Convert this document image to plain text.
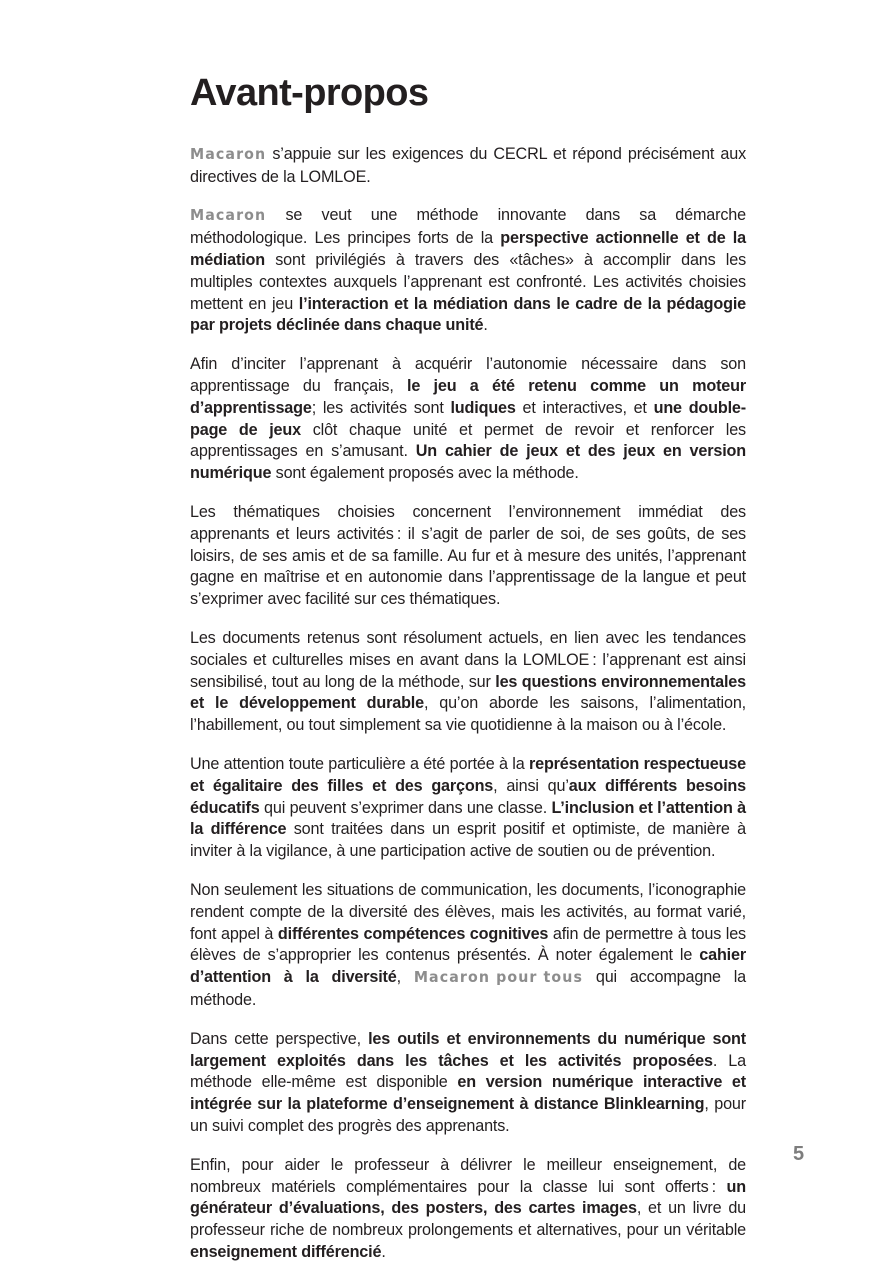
Avant-propos

Macaron s’appuie sur les exigences du CECRL et répond précisément aux directives de la LOMLOE.

Macaron se veut une méthode innovante dans sa démarche méthodologique. Les principes forts de la perspective actionnelle et de la médiation sont privilégiés à travers des «tâches» à accomplir dans les multiples contextes auxquels l’apprenant est confronté. Les activités choisies mettent en jeu l’interaction et la médiation dans le cadre de la pédagogie par projets déclinée dans chaque unité.

Afin d’inciter l’apprenant à acquérir l’autonomie nécessaire dans son apprentissage du français, le jeu a été retenu comme un moteur d’apprentissage; les activités sont ludiques et interactives, et une double-page de jeux clôt chaque unité et permet de revoir et renforcer les apprentissages en s’amusant. Un cahier de jeux et des jeux en version numérique sont également proposés avec la méthode.

Les thématiques choisies concernent l’environnement immédiat des apprenants et leurs activités : il s’agit de parler de soi, de ses goûts, de ses loisirs, de ses amis et de sa famille. Au fur et à mesure des unités, l’apprenant gagne en maîtrise et en autonomie dans l’apprentissage de la langue et peut s’exprimer avec facilité sur ces thématiques.

Les documents retenus sont résolument actuels, en lien avec les tendances sociales et culturelles mises en avant dans la LOMLOE : l’apprenant est ainsi sensibilisé, tout au long de la méthode, sur les questions environnementales et le développement durable, qu’on aborde les saisons, l’alimentation, l’habillement, ou tout simplement sa vie quotidienne à la maison ou à l’école.

Une attention toute particulière a été portée à la représentation respectueuse et égalitaire des filles et des garçons, ainsi qu’aux différents besoins éducatifs qui peuvent s’exprimer dans une classe. L’inclusion et l’attention à la différence sont traitées dans un esprit positif et optimiste, de manière à inviter à la vigilance, à une participation active de soutien ou de prévention.

Non seulement les situations de communication, les documents, l’iconographie rendent compte de la diversité des élèves, mais les activités, au format varié, font appel à différentes compétences cognitives afin de permettre à tous les élèves de s’approprier les contenus présentés. À noter également le cahier d’attention à la diversité, Macaron pour tous qui accompagne la méthode.

Dans cette perspective, les outils et environnements du numérique sont largement exploités dans les tâches et les activités proposées. La méthode elle-même est disponible en version numérique interactive et intégrée sur la plateforme d’enseignement à distance Blinklearning, pour un suivi complet des progrès des apprenants.

Enfin, pour aider le professeur à délivrer le meilleur enseignement, de nombreux matériels complémentaires pour la classe lui sont offerts : un générateur d’évaluations, des posters, des cartes images, et un livre du professeur riche de nombreux prolongements et alternatives, pour un véritable enseignement différencié.

5
